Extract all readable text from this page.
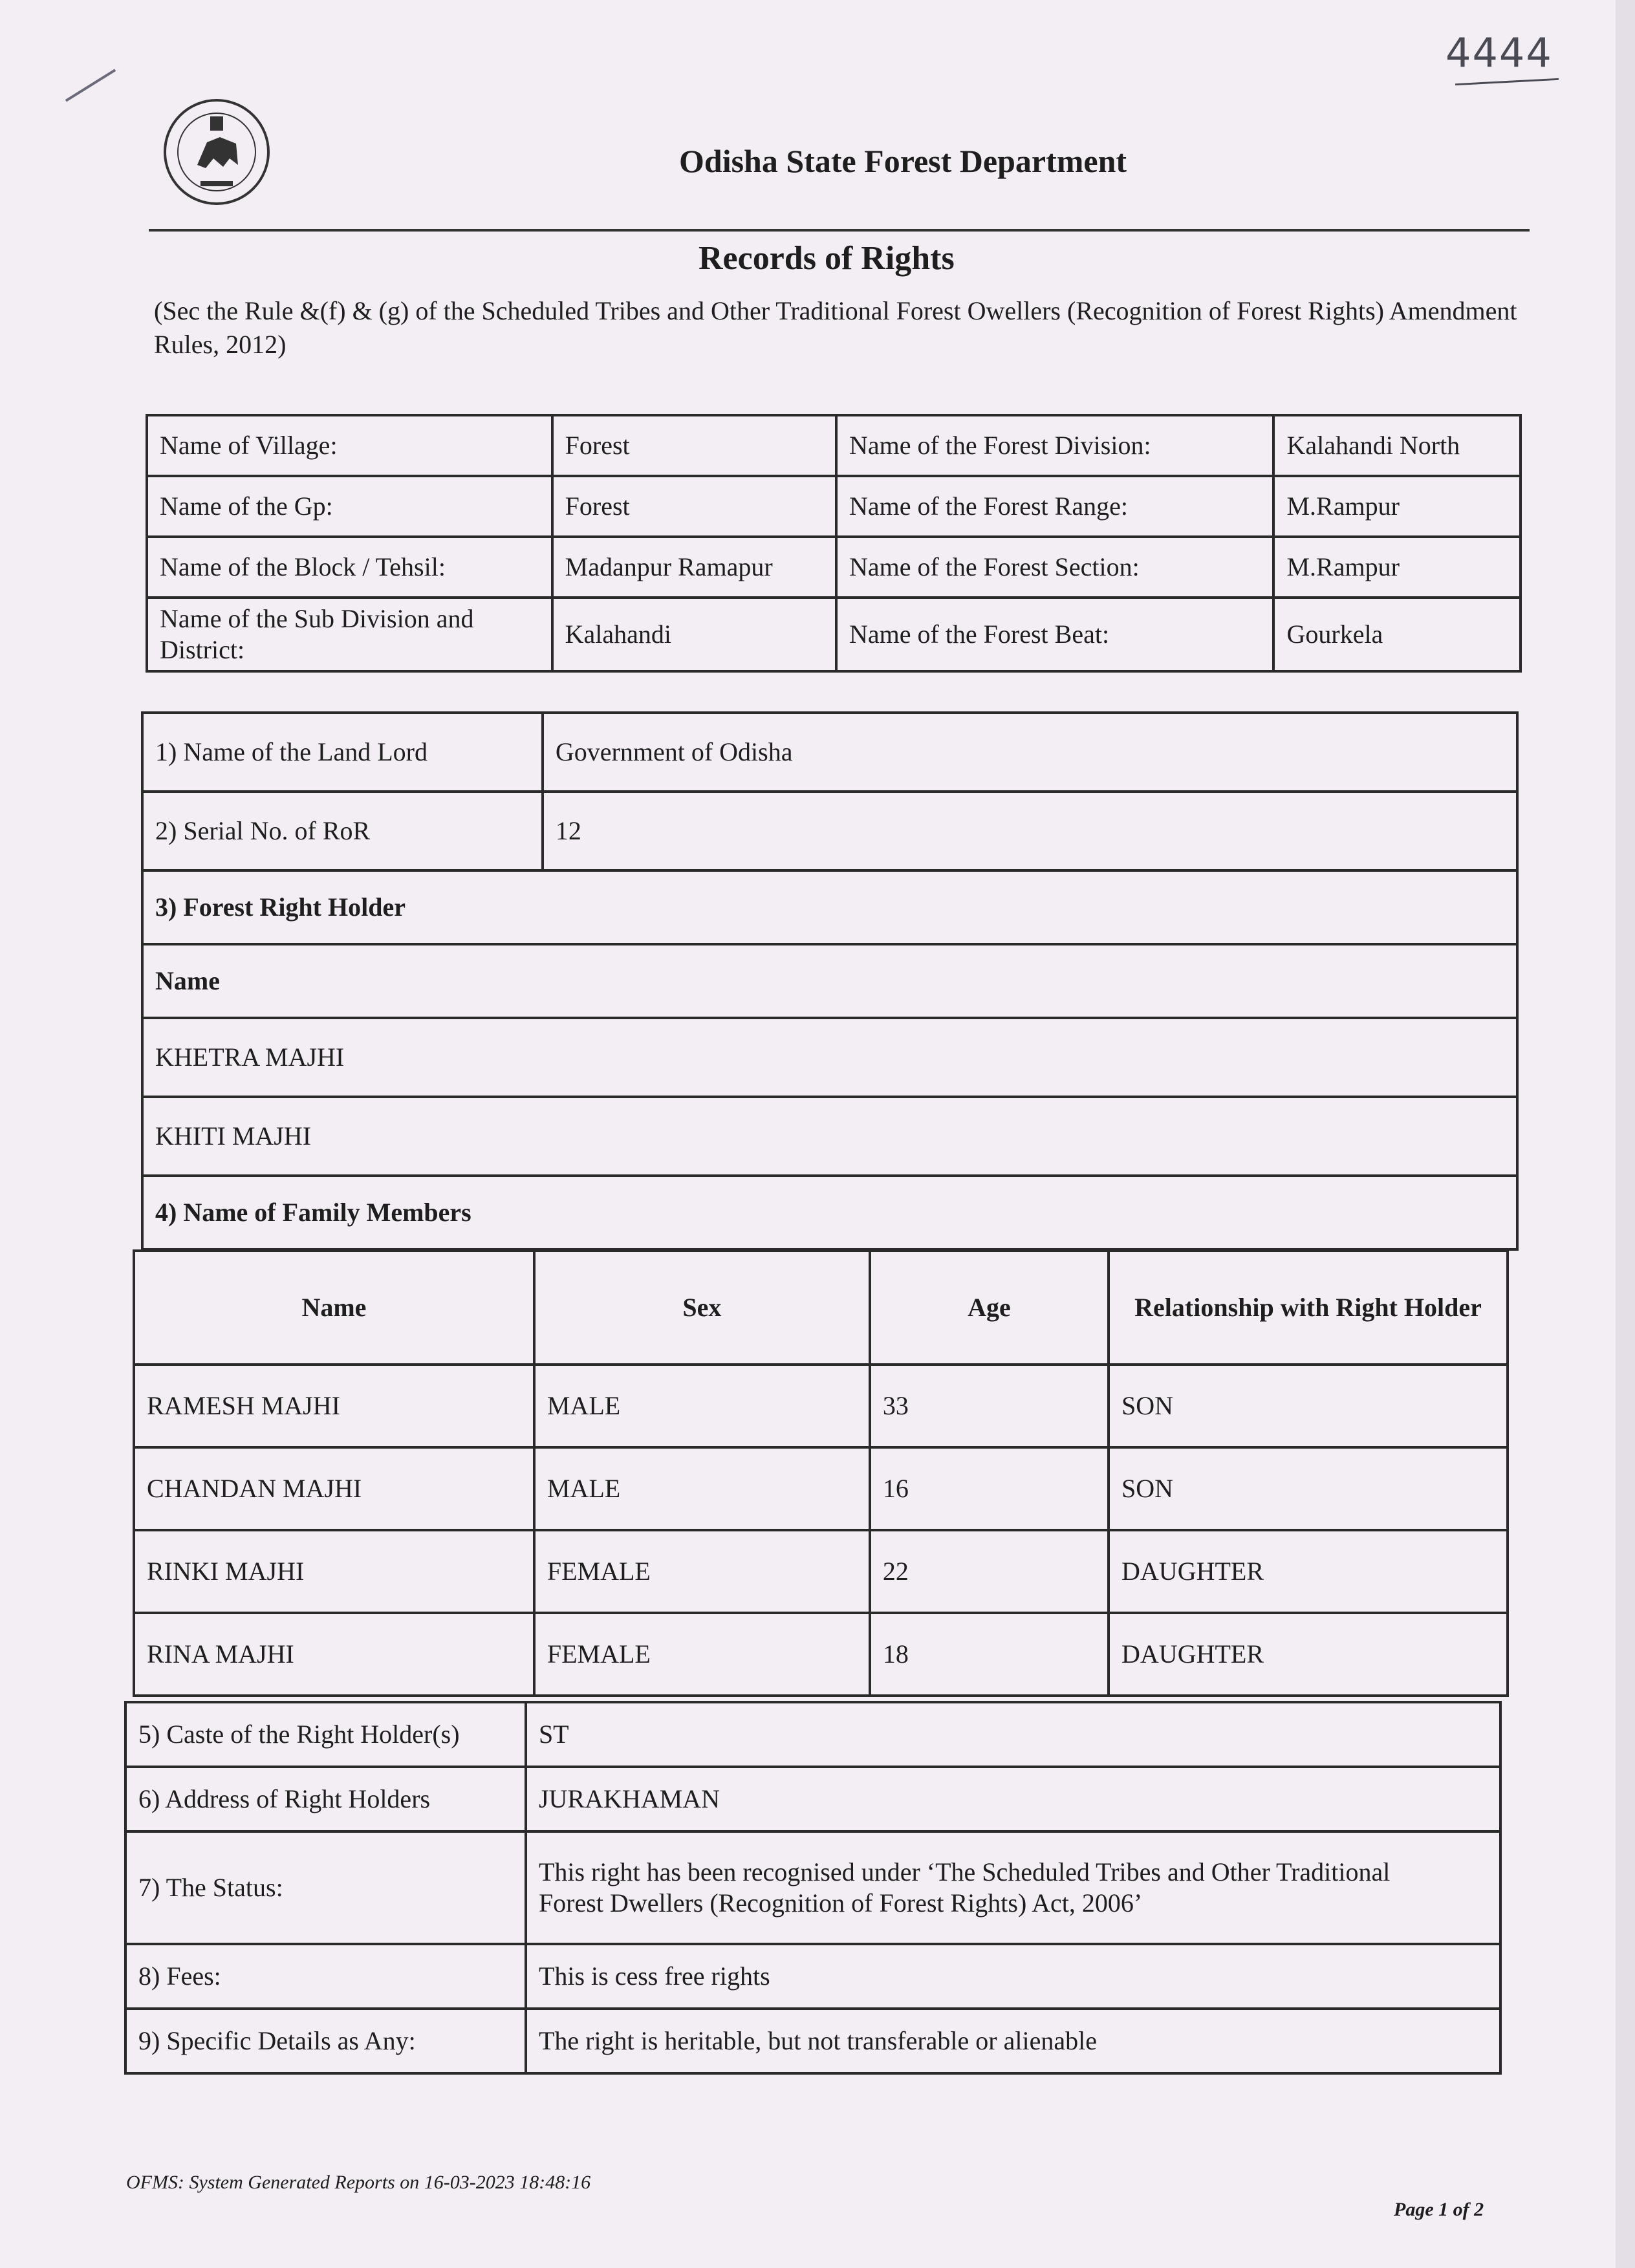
4444
Odisha State Forest Department
Records of Rights
(Sec the Rule &(f) & (g) of the Scheduled Tribes and Other Traditional Forest Owellers (Recognition of Forest Rights) Amendment Rules, 2012)
Name of Village:	Forest	Name of the Forest Division:	Kalahandi North
Name of the Gp:	Forest	Name of the Forest Range:	M.Rampur
Name of the Block / Tehsil:	Madanpur Ramapur	Name of the Forest Section:	M.Rampur
Name of the Sub Division and District:	Kalahandi	Name of the Forest Beat:	Gourkela
1) Name of the Land Lord	Government of Odisha
2) Serial No. of RoR	12
3) Forest Right Holder	
Name	
KHETRA MAJHI	
KHITI MAJHI	
4) Name of Family Members	
Name	Sex	Age	Relationship with Right Holder
RAMESH MAJHI	MALE	33	SON
CHANDAN MAJHI	MALE	16	SON
RINKI MAJHI	FEMALE	22	DAUGHTER
RINA MAJHI	FEMALE	18	DAUGHTER
5) Caste of the Right Holder(s)	ST
6) Address of Right Holders	JURAKHAMAN
7) The Status:	This right has been recognised under ‘The Scheduled Tribes and Other Traditional
Forest Dwellers (Recognition of Forest Rights) Act, 2006’

8) Fees:	This is cess free rights
9) Specific Details as Any:	The right is heritable, but not transferable or alienable
OFMS: System Generated Reports on 16-03-2023 18:48:16
Page 1 of 2
